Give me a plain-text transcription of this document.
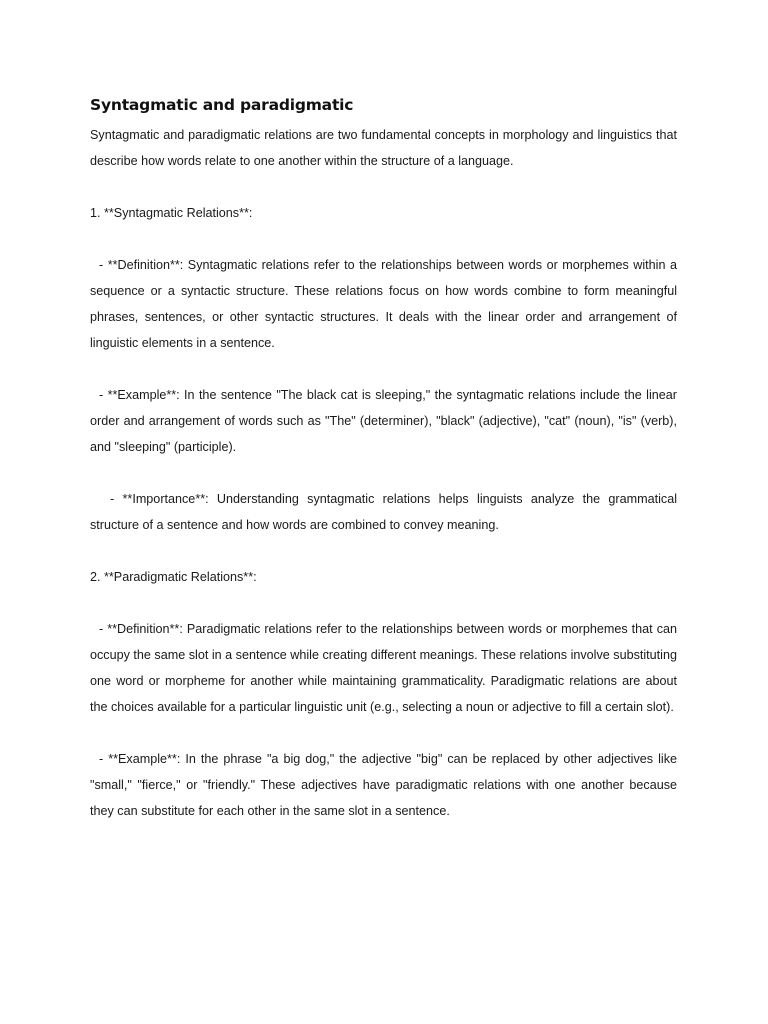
Syntagmatic and paradigmatic

Syntagmatic and paradigmatic relations are two fundamental concepts in morphology and linguistics that describe how words relate to one another within the structure of a language.

1. **Syntagmatic Relations**:

- **Definition**: Syntagmatic relations refer to the relationships between words or morphemes within a sequence or a syntactic structure. These relations focus on how words combine to form meaningful phrases, sentences, or other syntactic structures. It deals with the linear order and arrangement of linguistic elements in a sentence.

- **Example**: In the sentence "The black cat is sleeping," the syntagmatic relations include the linear order and arrangement of words such as "The" (determiner), "black" (adjective), "cat" (noun), "is" (verb), and "sleeping" (participle).

- **Importance**: Understanding syntagmatic relations helps linguists analyze the grammatical structure of a sentence and how words are combined to convey meaning.

2. **Paradigmatic Relations**:

- **Definition**: Paradigmatic relations refer to the relationships between words or morphemes that can occupy the same slot in a sentence while creating different meanings. These relations involve substituting one word or morpheme for another while maintaining grammaticality. Paradigmatic relations are about the choices available for a particular linguistic unit (e.g., selecting a noun or adjective to fill a certain slot).

- **Example**: In the phrase "a big dog," the adjective "big" can be replaced by other adjectives like "small," "fierce," or "friendly." These adjectives have paradigmatic relations with one another because they can substitute for each other in the same slot in a sentence.
